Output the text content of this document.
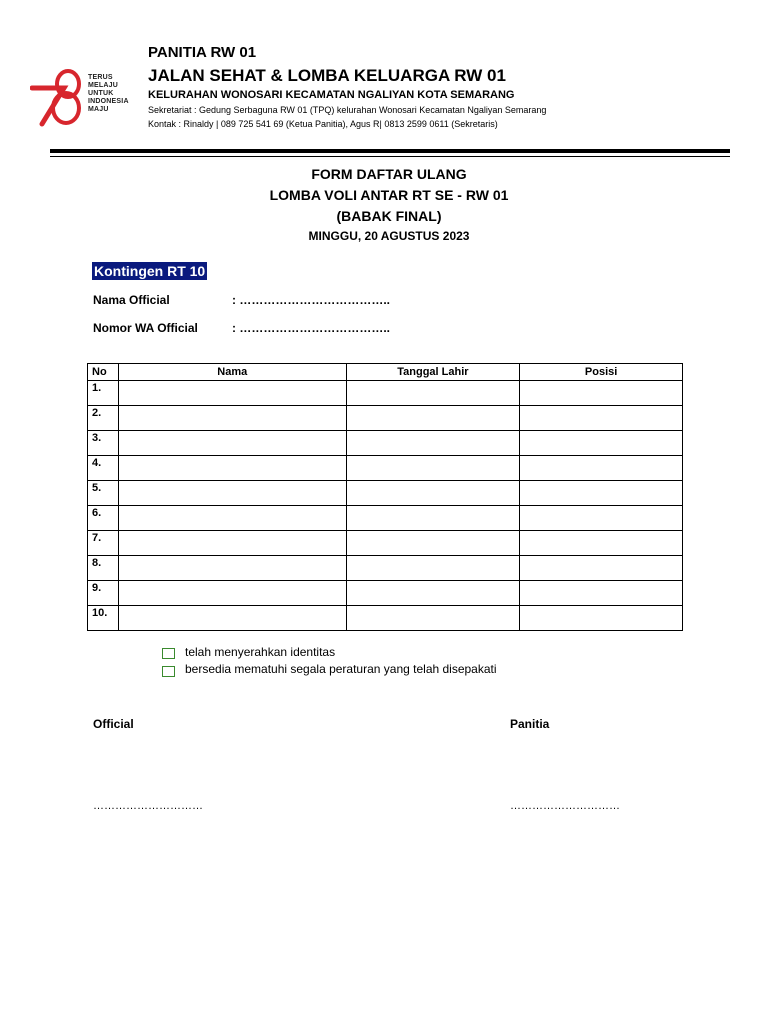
TERUS
MELAJU
UNTUK
INDONESIA
MAJU
PANITIA RW 01
JALAN SEHAT & LOMBA KELUARGA RW 01
KELURAHAN WONOSARI KECAMATAN NGALIYAN KOTA SEMARANG
Sekretariat : Gedung Serbaguna RW 01 (TPQ) kelurahan Wonosari Kecamatan Ngaliyan Semarang
Kontak : Rinaldy | 089 725 541 69 (Ketua Panitia), Agus R| 0813 2599 0611 (Sekretaris)
FORM DAFTAR ULANG
LOMBA VOLI ANTAR RT SE - RW 01
(BABAK FINAL)
MINGGU, 20 AGUSTUS 2023
Kontingen RT 10
Nama Official	: ………………………………..
Nomor WA Official	: ………………………………..
No	Nama	Tanggal Lahir	Posisi
1.			
2.			
3.			
4.			
5.			
6.			
7.			
8.			
9.			
10.			
telah menyerahkan identitas
bersedia mematuhi segala peraturan yang telah disepakati
Official	Panitia
…………………………	…………………………
